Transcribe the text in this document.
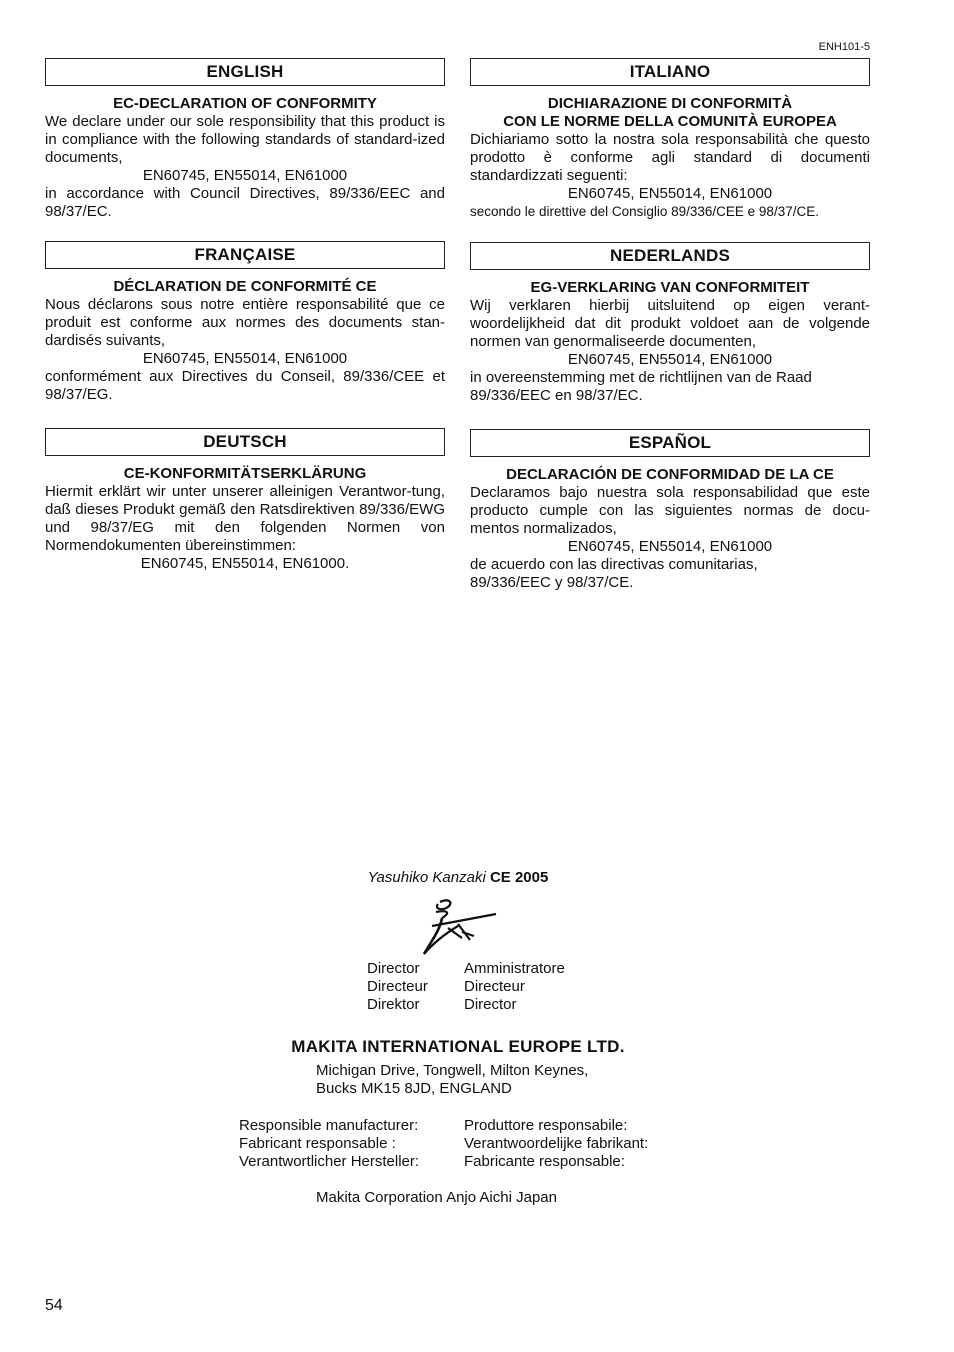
ENH101-5
ENGLISH
EC-DECLARATION OF CONFORMITY
We declare under our sole responsibility that this product is in compliance with the following standards of standard-ized documents,
EN60745, EN55014, EN61000
in accordance with Council Directives, 89/336/EEC and 98/37/EC.
ITALIANO
DICHIARAZIONE DI CONFORMITÀ
CON LE NORME DELLA COMUNITÀ EUROPEA
Dichiariamo sotto la nostra sola responsabilità che questo prodotto è conforme agli standard di documenti standardizzati seguenti:
EN60745, EN55014, EN61000
secondo le direttive del Consiglio 89/336/CEE e 98/37/CE.
FRANÇAISE
DÉCLARATION DE CONFORMITÉ CE
Nous déclarons sous notre entière responsabilité que ce produit est conforme aux normes des documents stan-dardisés suivants,
EN60745, EN55014, EN61000
conformément aux Directives du Conseil, 89/336/CEE et 98/37/EG.
NEDERLANDS
EG-VERKLARING VAN CONFORMITEIT
Wij verklaren hierbij uitsluitend op eigen verant-woordelijkheid dat dit produkt voldoet aan de volgende normen van genormaliseerde documenten,
EN60745, EN55014, EN61000
in overeenstemming met de richtlijnen van de Raad
89/336/EEC en 98/37/EC.
DEUTSCH
CE-KONFORMITÄTSERKLÄRUNG
Hiermit erklärt wir unter unserer alleinigen Verantwor-tung, daß dieses Produkt gemäß den Ratsdirektiven 89/336/EWG und 98/37/EG mit den folgenden Normen von Normendokumenten übereinstimmen:
EN60745, EN55014, EN61000.
ESPAÑOL
DECLARACIÓN DE CONFORMIDAD DE LA CE
Declaramos bajo nuestra sola responsabilidad que este producto cumple con las siguientes normas de docu-mentos normalizados,
EN60745, EN55014, EN61000
de acuerdo con las directivas comunitarias,
89/336/EEC y 98/37/CE.
Yasuhiko Kanzaki CE 2005
Director	Amministratore
Directeur	Directeur
Direktor	Director
MAKITA INTERNATIONAL EUROPE LTD.
Michigan Drive, Tongwell, Milton Keynes,
Bucks MK15 8JD, ENGLAND
Responsible manufacturer:	Produttore responsabile:
Fabricant responsable :	Verantwoordelijke fabrikant:
Verantwortlicher Hersteller:	Fabricante responsable:
Makita Corporation Anjo Aichi Japan
54
